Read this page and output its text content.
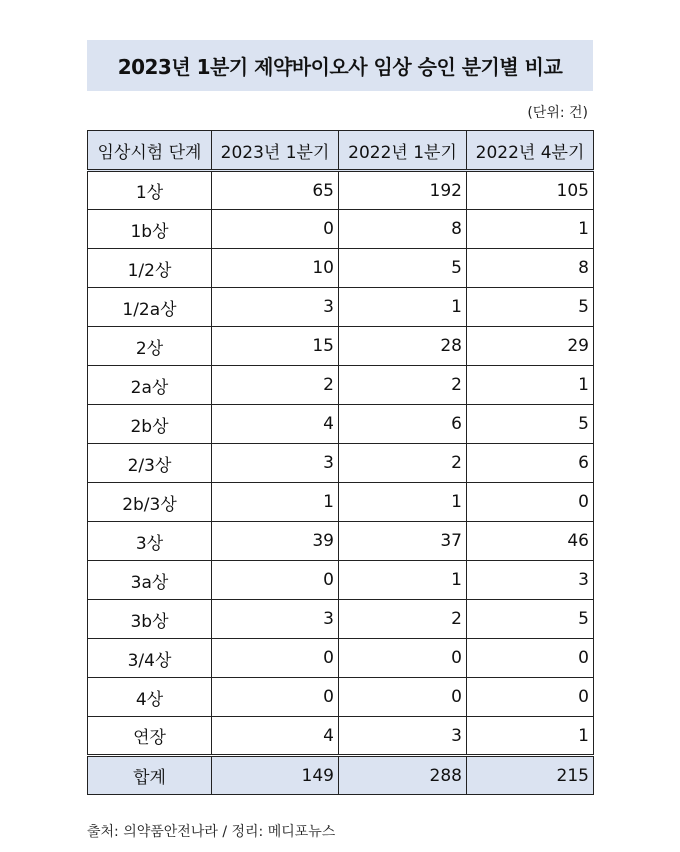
2023년 1분기 제약바이오사 임상 승인 분기별 비교
(단위: 건)
임상시험 단계	2023년 1분기	2022년 1분기	2022년 4분기
1상	65	192	105
1b상	0	8	1
1/2상	10	5	8
1/2a상	3	1	5
2상	15	28	29
2a상	2	2	1
2b상	4	6	5
2/3상	3	2	6
2b/3상	1	1	0
3상	39	37	46
3a상	0	1	3
3b상	3	2	5
3/4상	0	0	0
4상	0	0	0
연장	4	3	1
합계	149	288	215
출처: 의약품안전나라 / 정리: 메디포뉴스
